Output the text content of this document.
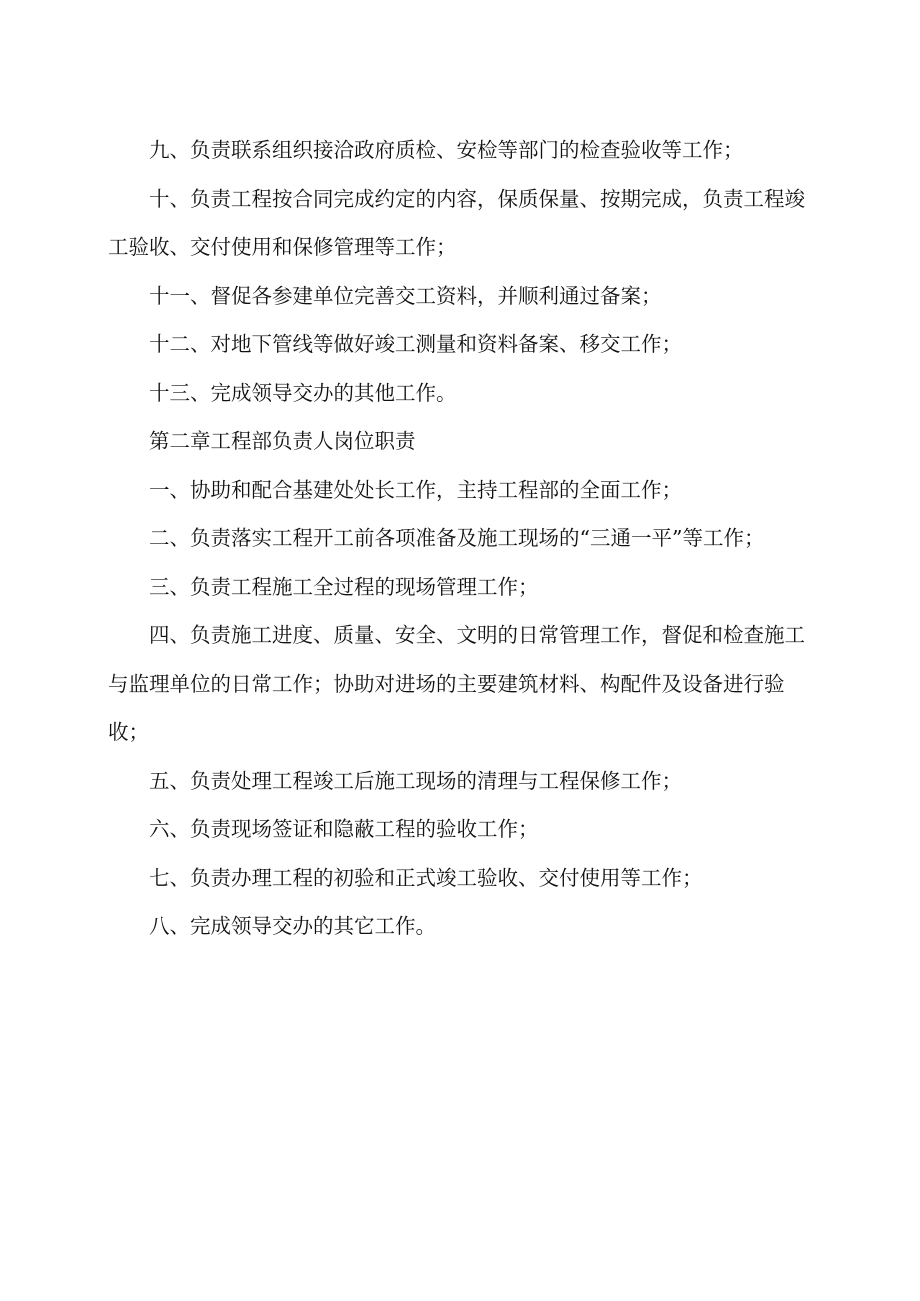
九、负责联系组织接洽政府质检、安检等部门的检查验收等工作；

十、负责工程按合同完成约定的内容，保质保量、按期完成，负责工程竣工验收、交付使用和保修管理等工作；

十一、督促各参建单位完善交工资料，并顺利通过备案；

十二、对地下管线等做好竣工测量和资料备案、移交工作；

十三、完成领导交办的其他工作。

第二章工程部负责人岗位职责

一、协助和配合基建处处长工作，主持工程部的全面工作；

二、负责落实工程开工前各项准备及施工现场的“三通一平”等工作；

三、负责工程施工全过程的现场管理工作；

四、负责施工进度、质量、安全、文明的日常管理工作，督促和检查施工与监理单位的日常工作；协助对进场的主要建筑材料、构配件及设备进行验收；

五、负责处理工程竣工后施工现场的清理与工程保修工作；

六、负责现场签证和隐蔽工程的验收工作；

七、负责办理工程的初验和正式竣工验收、交付使用等工作；

八、完成领导交办的其它工作。
